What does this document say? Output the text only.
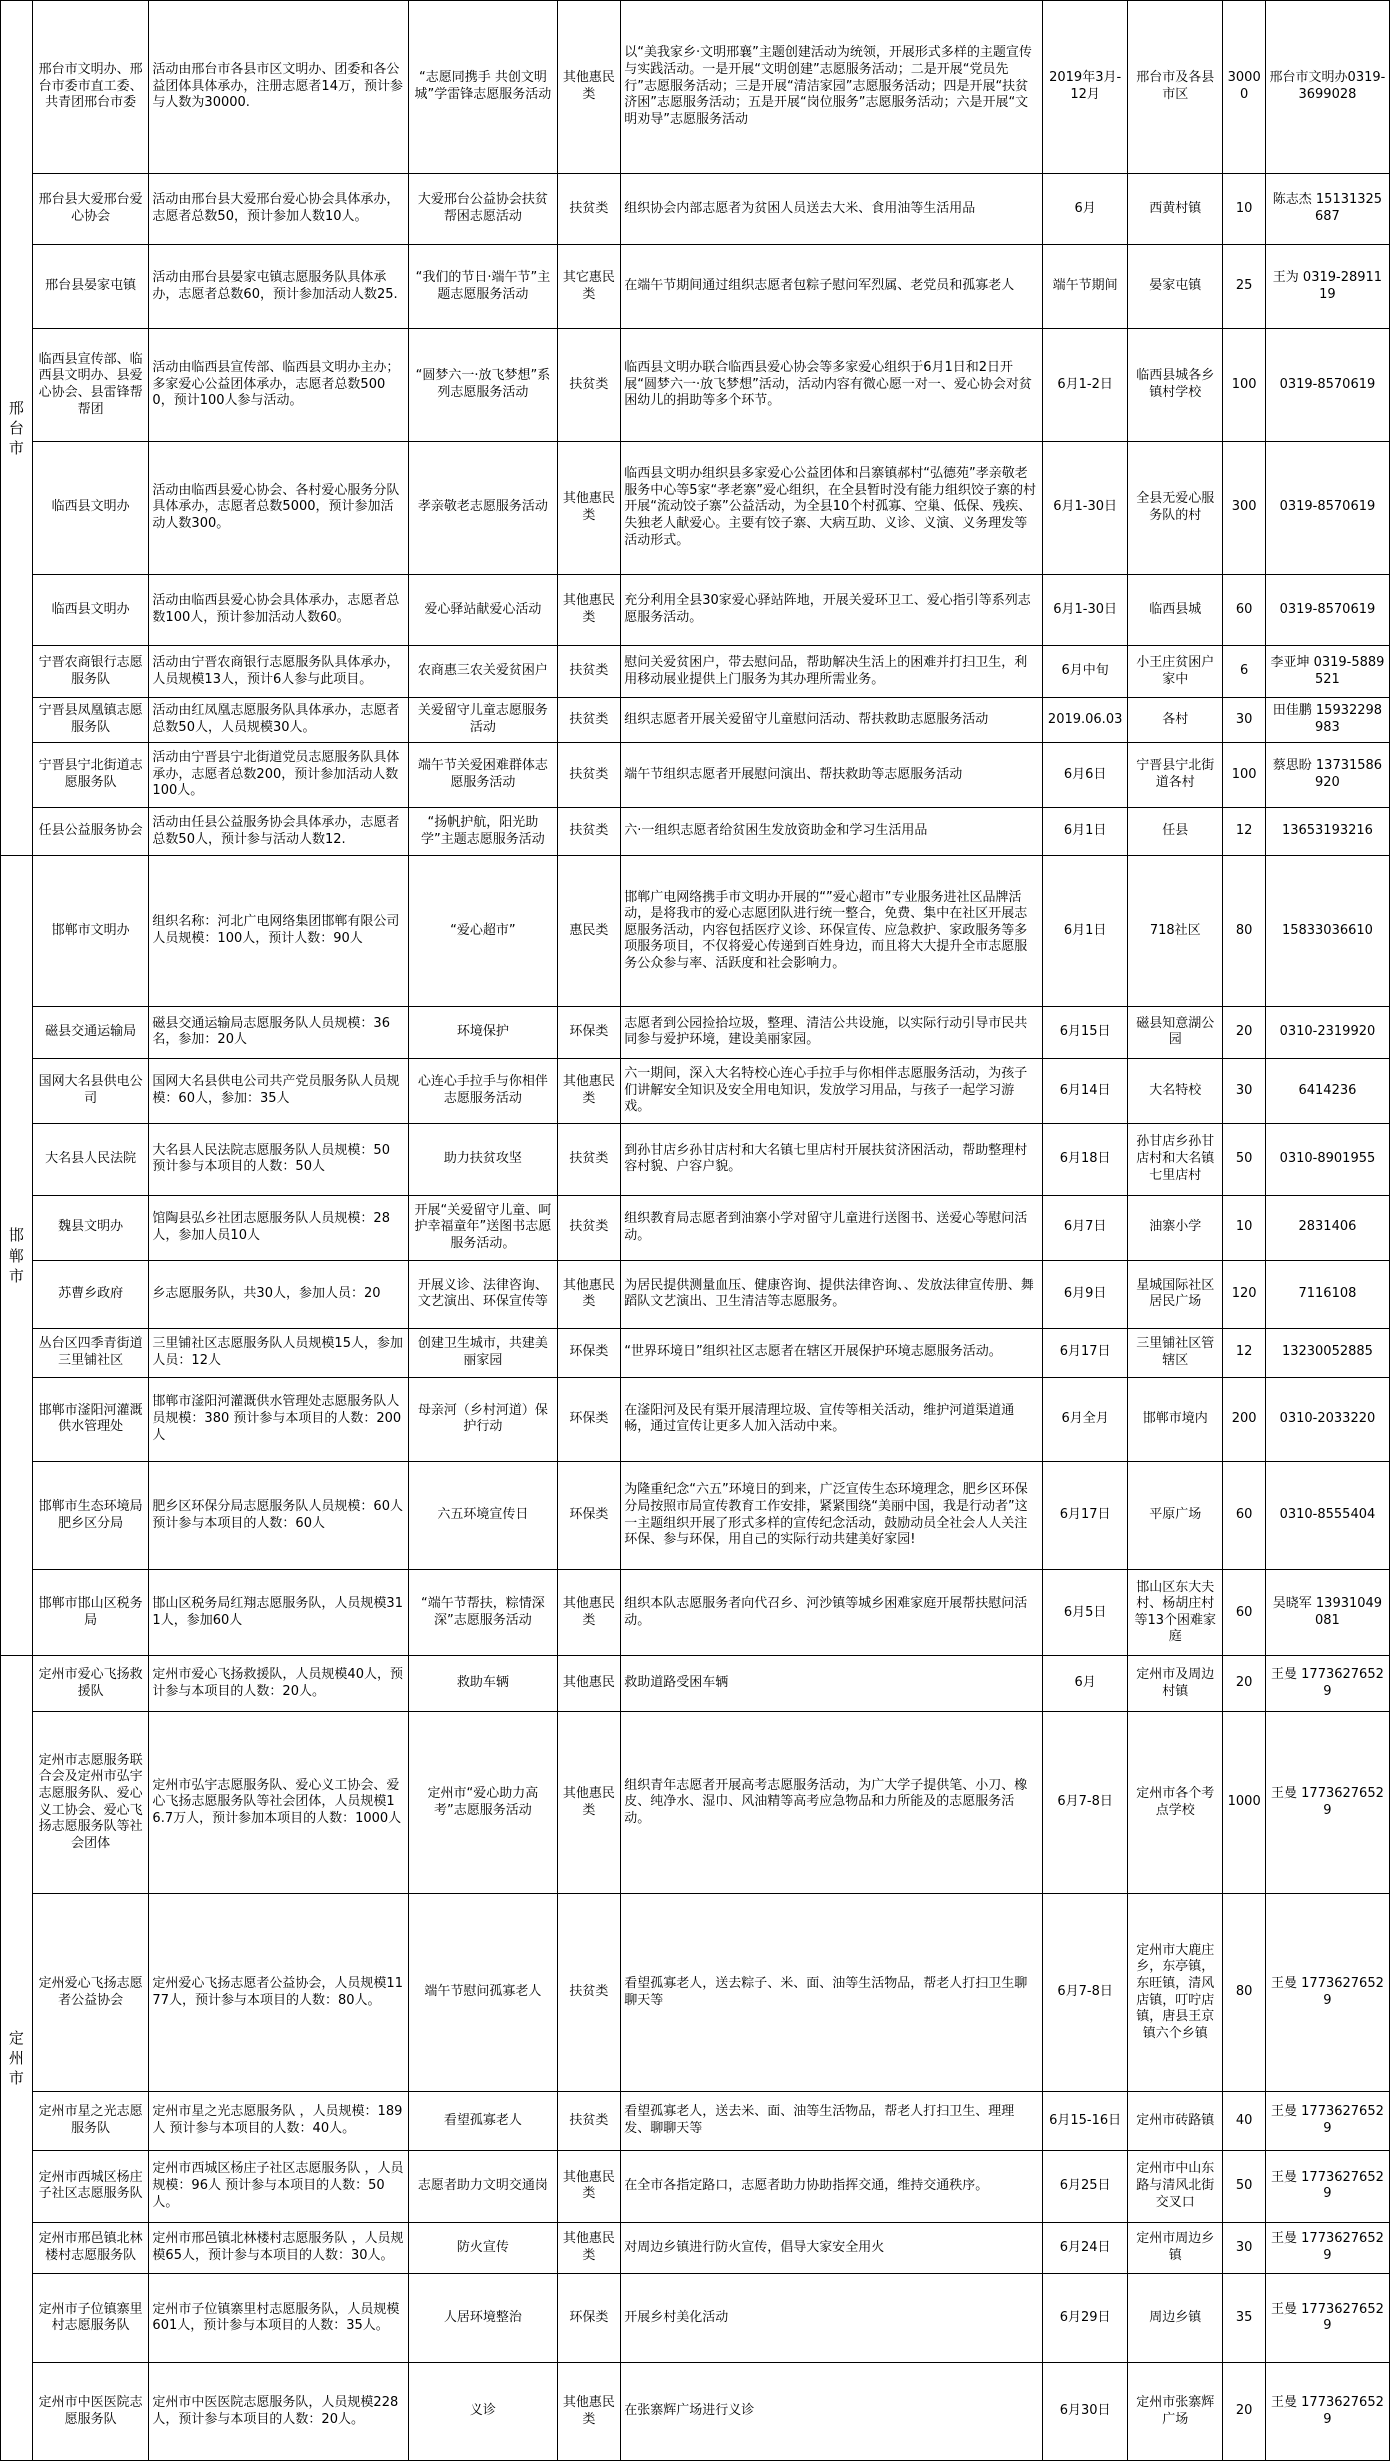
邢台市	邢台市文明办、邢台市委市直工委、共青团邢台市委	活动由邢台市各县市区文明办、团委和各公益团体具体承办，注册志愿者14万，预计参与人数为30000.	“志愿同携手 共创文明城”学雷锋志愿服务活动	其他惠民类	以“美我家乡·文明邢襄”主题创建活动为统领，开展形式多样的主题宣传与实践活动。一是开展“文明创建”志愿服务活动；二是开展“党员先行”志愿服务活动；三是开展“清洁家园”志愿服务活动；四是开展“扶贫济困”志愿服务活动；五是开展“岗位服务”志愿服务活动；六是开展“文明劝导”志愿服务活动	2019年3月-12月	邢台市及各县市区	30000	邢台市文明办0319-3699028
	邢台县大爱邢台爱心协会	活动由邢台县大爱邢台爱心协会具体承办，志愿者总数50，预计参加人数10人。	大爱邢台公益协会扶贫帮困志愿活动	扶贫类	组织协会内部志愿者为贫困人员送去大米、食用油等生活用品	6月	西黄村镇	10	陈志杰 15131325687
	邢台县晏家屯镇	活动由邢台县晏家屯镇志愿服务队具体承办，志愿者总数60，预计参加活动人数25.	“我们的节日·端午节”主题志愿服务活动	其它惠民类	在端午节期间通过组织志愿者包粽子慰问军烈属、老党员和孤寡老人	端午节期间	晏家屯镇	25	王为 0319-2891119
	临西县宣传部、临西县文明办、县爱心协会、县雷锋帮帮团	活动由临西县宣传部、临西县文明办主办；多家爱心公益团体承办，志愿者总数5000，预计100人参与活动。	“圆梦六一·放飞梦想”系列志愿服务活动	扶贫类	临西县文明办联合临西县爱心协会等多家爱心组织于6月1日和2日开展“圆梦六一·放飞梦想”活动，活动内容有微心愿一对一、爱心协会对贫困幼儿的捐助等多个环节。	6月1-2日	临西县城各乡镇村学校	100	0319-8570619
	临西县文明办	活动由临西县爱心协会、各村爱心服务分队具体承办，志愿者总数5000，预计参加活动人数300。	孝亲敬老志愿服务活动	其他惠民类	临西县文明办组织县多家爱心公益团体和吕寨镇郝村“弘德苑”孝亲敬老服务中心等5家“孝老寨”爱心组织，在全县暂时没有能力组织饺子寨的村开展“流动饺子寨”公益活动，为全县10个村孤寡、空巢、低保、残疾、失独老人献爱心。主要有饺子寨、大病互助、义诊、义演、义务理发等活动形式。	6月1-30日	全县无爱心服务队的村	300	0319-8570619
	临西县文明办	活动由临西县爱心协会具体承办，志愿者总数100人，预计参加活动人数60。	爱心驿站献爱心活动	其他惠民类	充分利用全县30家爱心驿站阵地，开展关爱环卫工、爱心指引等系列志愿服务活动。	6月1-30日	临西县城	60	0319-8570619
	宁晋农商银行志愿服务队	活动由宁晋农商银行志愿服务队具体承办，人员规模13人，预计6人参与此项目。	农商惠三农关爱贫困户	扶贫类	慰问关爱贫困户，带去慰问品，帮助解决生活上的困难并打扫卫生，利用移动展业提供上门服务为其办理所需业务。	6月中旬	小王庄贫困户家中	6	李亚坤 0319-5889521
	宁晋县凤凰镇志愿服务队	活动由红凤凰志愿服务队具体承办，志愿者总数50人，人员规模30人。	关爱留守儿童志愿服务活动	扶贫类	组织志愿者开展关爱留守儿童慰问活动、帮扶救助志愿服务活动	2019.06.03	各村	30	田佳鹏 15932298983
	宁晋县宁北街道志愿服务队	活动由宁晋县宁北街道党员志愿服务队具体承办，志愿者总数200，预计参加活动人数100人。	端午节关爱困难群体志愿服务活动	扶贫类	端午节组织志愿者开展慰问演出、帮扶救助等志愿服务活动	6月6日	宁晋县宁北街道各村	100	蔡思盼 13731586920
	任县公益服务协会	活动由任县公益服务协会具体承办，志愿者总数50人，预计参与活动人数12.	“扬帆护航，阳光助学”主题志愿服务活动	扶贫类	六·一组织志愿者给贫困生发放资助金和学习生活用品	6月1日	任县	12	13653193216
邯郸市	邯郸市文明办	组织名称：河北广电网络集团邯郸有限公司人员规模：100人，预计人数：90人	“爱心超市”	惠民类	邯郸广电网络携手市文明办开展的“”爱心超市”专业服务进社区品牌活动，是将我市的爱心志愿团队进行统一整合，免费、集中在社区开展志愿服务活动，内容包括医疗义诊、环保宣传、应急救护、家政服务等多项服务项目，不仅将爱心传递到百姓身边，而且将大大提升全市志愿服务公众参与率、活跃度和社会影响力。	6月1日	718社区	80	15833036610
	磁县交通运输局	磁县交通运输局志愿服务队人员规模：36名，参加：20人	环境保护	环保类	志愿者到公园捡拾垃圾，整理、清洁公共设施，以实际行动引导市民共同参与爱护环境，建设美丽家园。	6月15日	磁县知意湖公园	20	0310-2319920
	国网大名县供电公司	国网大名县供电公司共产党员服务队人员规模：60人，参加：35人	心连心手拉手与你相伴志愿服务活动	其他惠民类	六一期间，深入大名特校心连心手拉手与你相伴志愿服务活动，为孩子们讲解安全知识及安全用电知识，发放学习用品，与孩子一起学习游戏。	6月14日	大名特校	30	6414236
	大名县人民法院	大名县人民法院志愿服务队人员规模：50 预计参与本项目的人数：50人	助力扶贫攻坚	扶贫类	到孙甘店乡孙甘店村和大名镇七里店村开展扶贫济困活动，帮助整理村容村貌、户容户貌。	6月18日	孙甘店乡孙甘店村和大名镇七里店村	50	0310-8901955
	魏县文明办	馆陶县弘乡社团志愿服务队人员规模：28人，参加人员10人	开展“关爱留守儿童、呵护幸福童年”送图书志愿服务活动。	扶贫类	组织教育局志愿者到油寨小学对留守儿童进行送图书、送爱心等慰问活动。	6月7日	油寨小学	10	2831406
	苏曹乡政府	乡志愿服务队，共30人，参加人员：20	开展义诊、法律咨询、文艺演出、环保宣传等	其他惠民类	为居民提供测量血压、健康咨询、提供法律咨询、、发放法律宣传册、舞蹈队文艺演出、卫生清洁等志愿服务。	6月9日	星城国际社区居民广场	120	7116108
	丛台区四季青街道三里铺社区	三里铺社区志愿服务队人员规模15人，参加人员：12人	创建卫生城市，共建美丽家园	环保类	“世界环境日”组织社区志愿者在辖区开展保护环境志愿服务活动。	6月17日	三里铺社区管辖区	12	13230052885
	邯郸市滏阳河灌溉供水管理处	邯郸市滏阳河灌溉供水管理处志愿服务队人员规模：380 预计参与本项目的人数：200人	母亲河（乡村河道）保护行动	环保类	在滏阳河及民有渠开展清理垃圾、宣传等相关活动，维护河道渠道通畅，通过宣传让更多人加入活动中来。	6月全月	邯郸市境内	200	0310-2033220
	邯郸市生态环境局肥乡区分局	肥乡区环保分局志愿服务队人员规模：60人 预计参与本项目的人数：60人	六五环境宣传日	环保类	为隆重纪念“六五”环境日的到来，广泛宣传生态环境理念，肥乡区环保分局按照市局宣传教育工作安排，紧紧围绕“美丽中国，我是行动者”这一主题组织开展了形式多样的宣传纪念活动，鼓励动员全社会人人关注环保、参与环保，用自己的实际行动共建美好家园!	6月17日	平原广场	60	0310-8555404
	邯郸市邯山区税务局	邯山区税务局红翔志愿服务队，人员规模311人，参加60人	“端午节帮扶，粽情深深”志愿服务活动	其他惠民类	组织本队志愿服务者向代召乡、河沙镇等城乡困难家庭开展帮扶慰问活动。	6月5日	邯山区东大夫村、杨胡庄村等13个困难家庭	60	吴晓军 13931049081
定州市	定州市爱心飞扬救援队	定州市爱心飞扬救援队，人员规模40人，预计参与本项目的人数：20人。	救助车辆	其他惠民	救助道路受困车辆	6月	定州市及周边村镇	20	王曼 17736276529
	定州市志愿服务联合会及定州市弘宇志愿服务队、爱心义工协会、爱心飞扬志愿服务队等社会团体	定州市弘宇志愿服务队、爱心义工协会、爱心飞扬志愿服务队等社会团体，人员规模16.7万人，预计参加本项目的人数：1000人	定州市“爱心助力高考”志愿服务活动	其他惠民类	组织青年志愿者开展高考志愿服务活动，为广大学子提供笔、小刀、橡皮、纯净水、湿巾、风油精等高考应急物品和力所能及的志愿服务活动。	6月7-8日	定州市各个考点学校	1000	王曼 17736276529
	定州爱心飞扬志愿者公益协会	定州爱心飞扬志愿者公益协会，人员规模1177人，预计参与本项目的人数：80人。	端午节慰问孤寡老人	扶贫类	看望孤寡老人，送去粽子、米、面、油等生活物品，帮老人打扫卫生聊聊天等	6月7-8日	定州市大鹿庄乡，东亭镇，东旺镇，清风店镇，叮咛店镇，唐县王京镇六个乡镇	80	王曼 17736276529
	定州市星之光志愿服务队	定州市星之光志愿服务队 ，人员规模：189人 预计参与本项目的人数：40人。	看望孤寡老人	扶贫类	看望孤寡老人，送去米、面、油等生活物品，帮老人打扫卫生、理理发、聊聊天等	6月15-16日	定州市砖路镇	40	王曼 17736276529
	定州市西城区杨庄子社区志愿服务队	定州市西城区杨庄子社区志愿服务队 ，人员规模：96人 预计参与本项目的人数：50人。	志愿者助力文明交通岗	其他惠民类	在全市各指定路口，志愿者助力协助指挥交通，维持交通秩序。	6月25日	定州市中山东路与清风北街交叉口	50	王曼 17736276529
	定州市邢邑镇北林楼村志愿服务队	定州市邢邑镇北林楼村志愿服务队 ，人员规模65人，预计参与本项目的人数：30人。	防火宣传	其他惠民类	对周边乡镇进行防火宣传，倡导大家安全用火	6月24日	定州市周边乡镇	30	王曼 17736276529
	定州市子位镇寨里村志愿服务队	定州市子位镇寨里村志愿服务队，人员规模601人，预计参与本项目的人数：35人。	人居环境整治	环保类	开展乡村美化活动	6月29日	周边乡镇	35	王曼 17736276529
	定州市中医医院志愿服务队	定州市中医医院志愿服务队，人员规模228人，预计参与本项目的人数：20人。	义诊	其他惠民类	在张寨辉广场进行义诊	6月30日	定州市张寨辉广场	20	王曼 17736276529
